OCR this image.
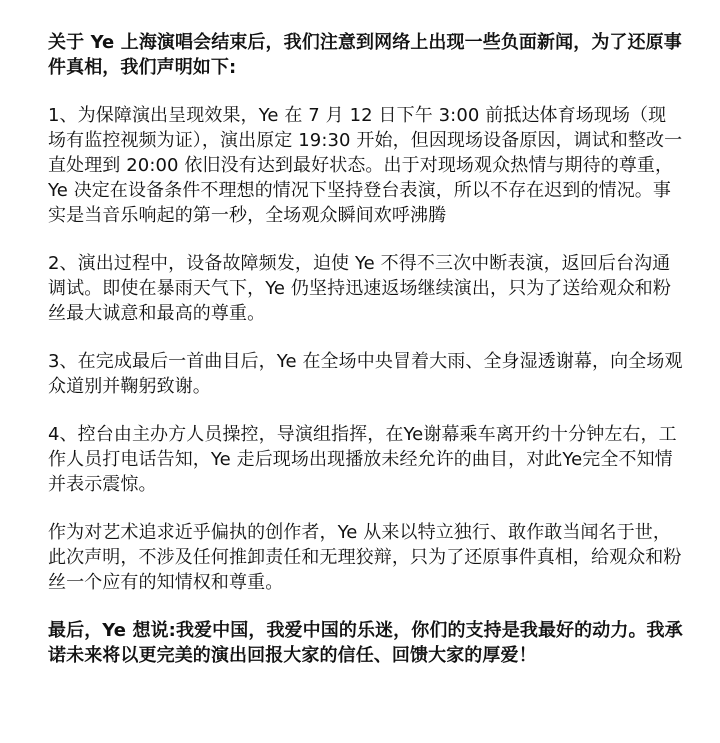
关于 Ye 上海演唱会结束后，我们注意到网络上出现一些负面新闻，为了还原事件真相，我们声明如下:

1、为保障演出呈现效果，Ye 在 7 月 12 日下午 3:00 前抵达体育场现场（现场有监控视频为证），演出原定 19:30 开始，但因现场设备原因，调试和整改一直处理到 20:00 依旧没有达到最好状态。出于对现场观众热情与期待的尊重，Ye 决定在设备条件不理想的情况下坚持登台表演，所以不存在迟到的情况。事实是当音乐响起的第一秒，全场观众瞬间欢呼沸腾

2、演出过程中，设备故障频发，迫使 Ye 不得不三次中断表演，返回后台沟通调试。即使在暴雨天气下，Ye 仍坚持迅速返场继续演出，只为了送给观众和粉丝最大诚意和最高的尊重。

3、在完成最后一首曲目后，Ye 在全场中央冒着大雨、全身湿透谢幕，向全场观众道别并鞠躬致谢。

4、控台由主办方人员操控，导演组指挥，在Ye谢幕乘车离开约十分钟左右，工作人员打电话告知，Ye 走后现场出现播放未经允许的曲目，对此Ye完全不知情并表示震惊。

作为对艺术追求近乎偏执的创作者，Ye 从来以特立独行、敢作敢当闻名于世，此次声明，不涉及任何推卸责任和无理狡辩，只为了还原事件真相，给观众和粉丝一个应有的知情权和尊重。

最后，Ye 想说:我爱中国，我爱中国的乐迷，你们的支持是我最好的动力。我承诺未来将以更完美的演出回报大家的信任、回馈大家的厚爱！
